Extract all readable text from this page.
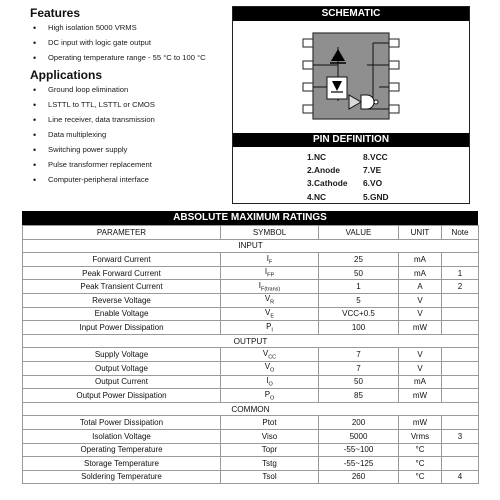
Features
• High isolation 5000 VRMS
• DC input with logic gate output
• Operating temperature range - 55 °C to 100 °C
Applications
• Ground loop elimination
• LSTTL to TTL, LSTTL or CMOS
• Line receiver, data transmission
• Data multiplexing
• Switching power supply
• Pulse transformer replacement
• Computer-peripheral interface
SCHEMATIC
PIN DEFINITION
1.NC	8.VCC
2.Anode	7.VE
3.Cathode	6.VO
4.NC	5.GND
ABSOLUTE MAXIMUM RATINGS
PARAMETER	SYMBOL	VALUE	UNIT	Note
INPUT				
Forward Current	$I_F$	25	mA	
Peak Forward Current	$I_{FP}$	50	mA	1
Peak Transient Current	$I_{F(trans)}$	1	A	2
Reverse Voltage	$V_R$	5	V	
Enable Voltage	$V_E$	VCC+0.5	V	
Input Power Dissipation	$P_I$	100	mW	
OUTPUT				
Supply Voltage	$V_{CC}$	7	V	
Output Voltage	$V_O$	7	V	
Output Current	$I_O$	50	mA	
Output Power Dissipation	$P_O$	85	mW	
COMMON				
Total Power Dissipation	Ptot	200	mW	
Isolation Voltage	Viso	5000	Vrms	3
Operating Temperature	Topr	-55~100	°C	
Storage Temperature	Tstg	-55~125	°C	
Soldering Temperature	Tsol	260	°C	4
